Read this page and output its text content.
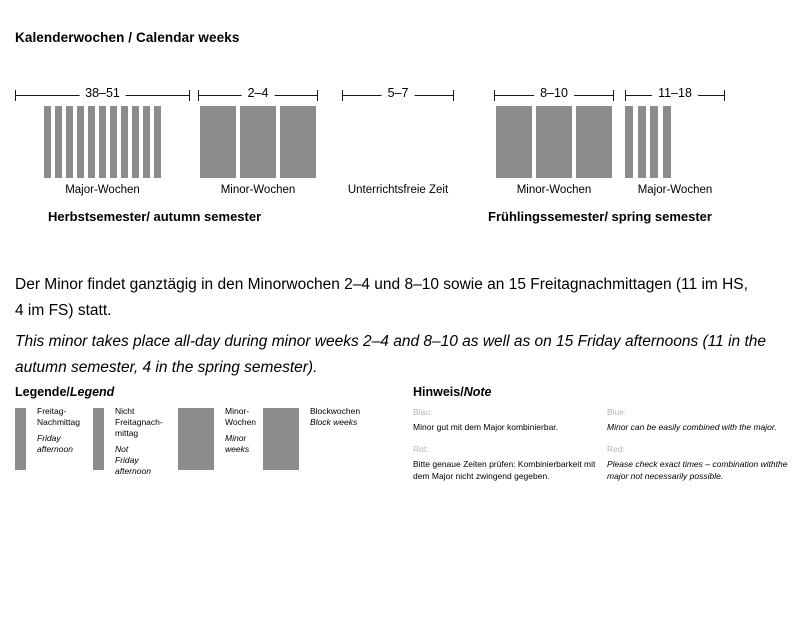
Kalenderwochen / Calendar weeks
38–51
Major-Wochen
2–4
Minor-Wochen
5–7
Unterrichtsfreie Zeit
8–10
Minor-Wochen
11–18
Major-Wochen
Herbstsemester/ autumn semester	Frühlingssemester/ spring semester
Der Minor findet ganztägig in den Minorwochen 2–4 und 8–10 sowie an 15 Freitagnachmittagen (11 im HS, 4 im FS) statt.
This minor takes place all-day during minor weeks 2–4 and 8–10 as well as on 15 Friday afternoons (11 in the autumn semester, 4 in the spring semester).
Legende/Legend
Freitag-
Nachmittag
Friday
afternoon
Nicht
Freitagnach-
mittag
Not
Friday
afternoon
Minor-
Wochen
Minor
weeks
Blockwochen
Block weeks
Hinweis/Note

Blau:

Minor gut mit dem Major kombinierbar.

Rot:

Bitte genaue Zeiten prüfen: Kombinierbarkeit mit dem Major nicht zwingend gegeben.

Blue:

Minor can be easily combined with the major.

Red:

Please check exact times – combination withthe major not necessarily possible.
